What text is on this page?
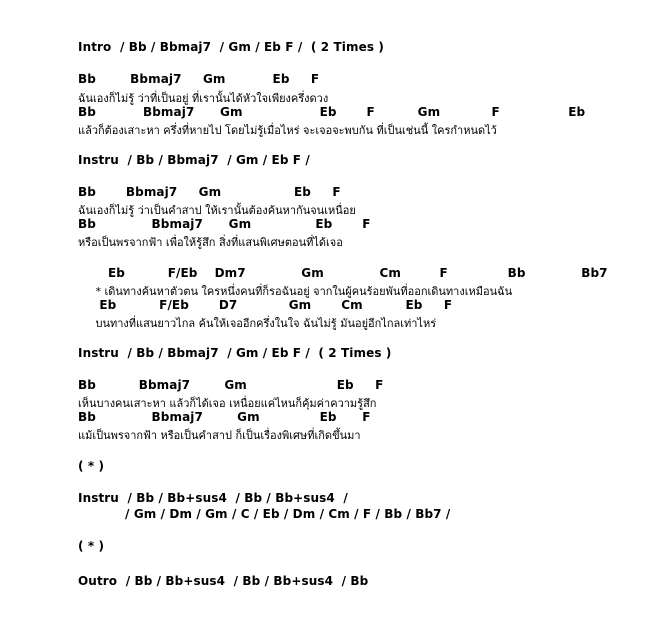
Intro  / Bb / Bbmaj7  / Gm / Eb F /  ( 2 Times )
Bb        Bbmaj7     Gm           Eb     F
ฉันเองก็ไม่รู้ ว่าที่เป็นอยู่ ที่เรานั้นได้หัวใจเพียงครึ่งดวง
Bb           Bbmaj7      Gm                  Eb       F          Gm            F                Eb
แล้วก็ต้องเสาะหา ครึ่งที่หายไป โดยไม่รู้เมื่อไหร่ จะเจอจะพบกัน ที่เป็นเช่นนี้ ใครกำหนดไว้
Instru  / Bb / Bbmaj7  / Gm / Eb F /
Bb       Bbmaj7     Gm                 Eb     F
ฉันเองก็ไม่รู้ ว่าเป็นคำสาป ให้เรานั้นต้องค้นหากันจนเหนื่อย
Bb             Bbmaj7      Gm               Eb       F
หรือเป็นพรจากฟ้า เพื่อให้รู้สึก สิ่งที่แสนพิเศษตอนที่ได้เจอ
Eb          F/Eb    Dm7             Gm             Cm         F              Bb             Bb7
* เดินทางค้นหาตัวตน ใครหนึ่งคนที่ก็รอฉันอยู่ จากในผู้คนร้อยพันที่ออกเดินทางเหมือนฉัน
Eb          F/Eb       D7            Gm       Cm          Eb     F
บนทางที่แสนยาวไกล ค้นให้เจออีกครึ่งในใจ ฉันไม่รู้ มันอยู่อีกไกลเท่าไหร่
Instru  / Bb / Bbmaj7  / Gm / Eb F /  ( 2 Times )
Bb          Bbmaj7        Gm                     Eb     F
เห็นบางคนเสาะหา แล้วก็ได้เจอ เหนื่อยแค่ไหนก็คุ้มค่าความรู้สึก
Bb             Bbmaj7        Gm              Eb      F
แม้เป็นพรจากฟ้า หรือเป็นคำสาป ก็เป็นเรื่องพิเศษที่เกิดขึ้นมา
( * )
Instru  / Bb / Bb+sus4  / Bb / Bb+sus4  /
/ Gm / Dm / Gm / C / Eb / Dm / Cm / F / Bb / Bb7 /
( * )
Outro  / Bb / Bb+sus4  / Bb / Bb+sus4  / Bb
